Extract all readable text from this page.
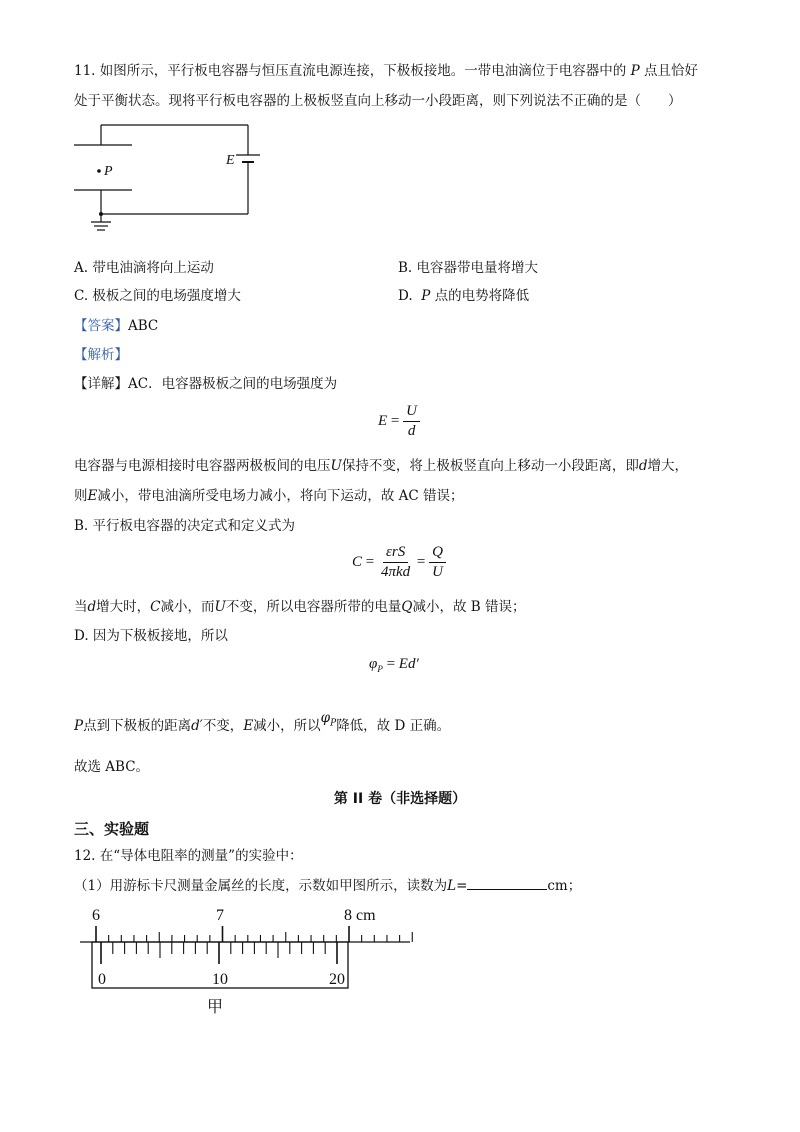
11. 如图所示，平行板电容器与恒压直流电源连接，下极板接地。一带电油滴位于电容器中的 P 点且恰好
处于平衡状态。现将平行板电容器的上极板竖直向上移动一小段距离，则下列说法不正确的是（　　）
E
P
A. 带电油滴将向上运动	B. 电容器带电量将增大
C. 极板之间的电场强度增大	D. P 点的电势将降低
【答案】ABC
【解析】
【详解】AC．电容器极板之间的电场强度为
$E = \frac{U}{d}$
电容器与电源相接时电容器两极板间的电压U保持不变，将上极板竖直向上移动一小段距离，即d增大，
则E减小，带电油滴所受电场力减小，将向下运动，故 AC 错误；
B. 平行板电容器的决定式和定义式为
$C = \frac{\text{εrS}}{\text{4πkd}} = \frac{Q}{U}$
当d增大时，C减小，而U不变，所以电容器所带的电量Q减小，故 B 错误；
D. 因为下极板接地，所以
$\varphi_P = Ed'$
P点到下极板的距离d′不变，E减小，所以$\varphi_P$降低，故 D 正确。
故选 ABC。
第 II 卷（非选择题）
三、实验题
12. 在“导体电阻率的测量”的实验中：
（1）用游标卡尺测量金属丝的长度，示数如甲图所示，读数为L=	cm；
6	7	8 cm
0	10	20
甲
